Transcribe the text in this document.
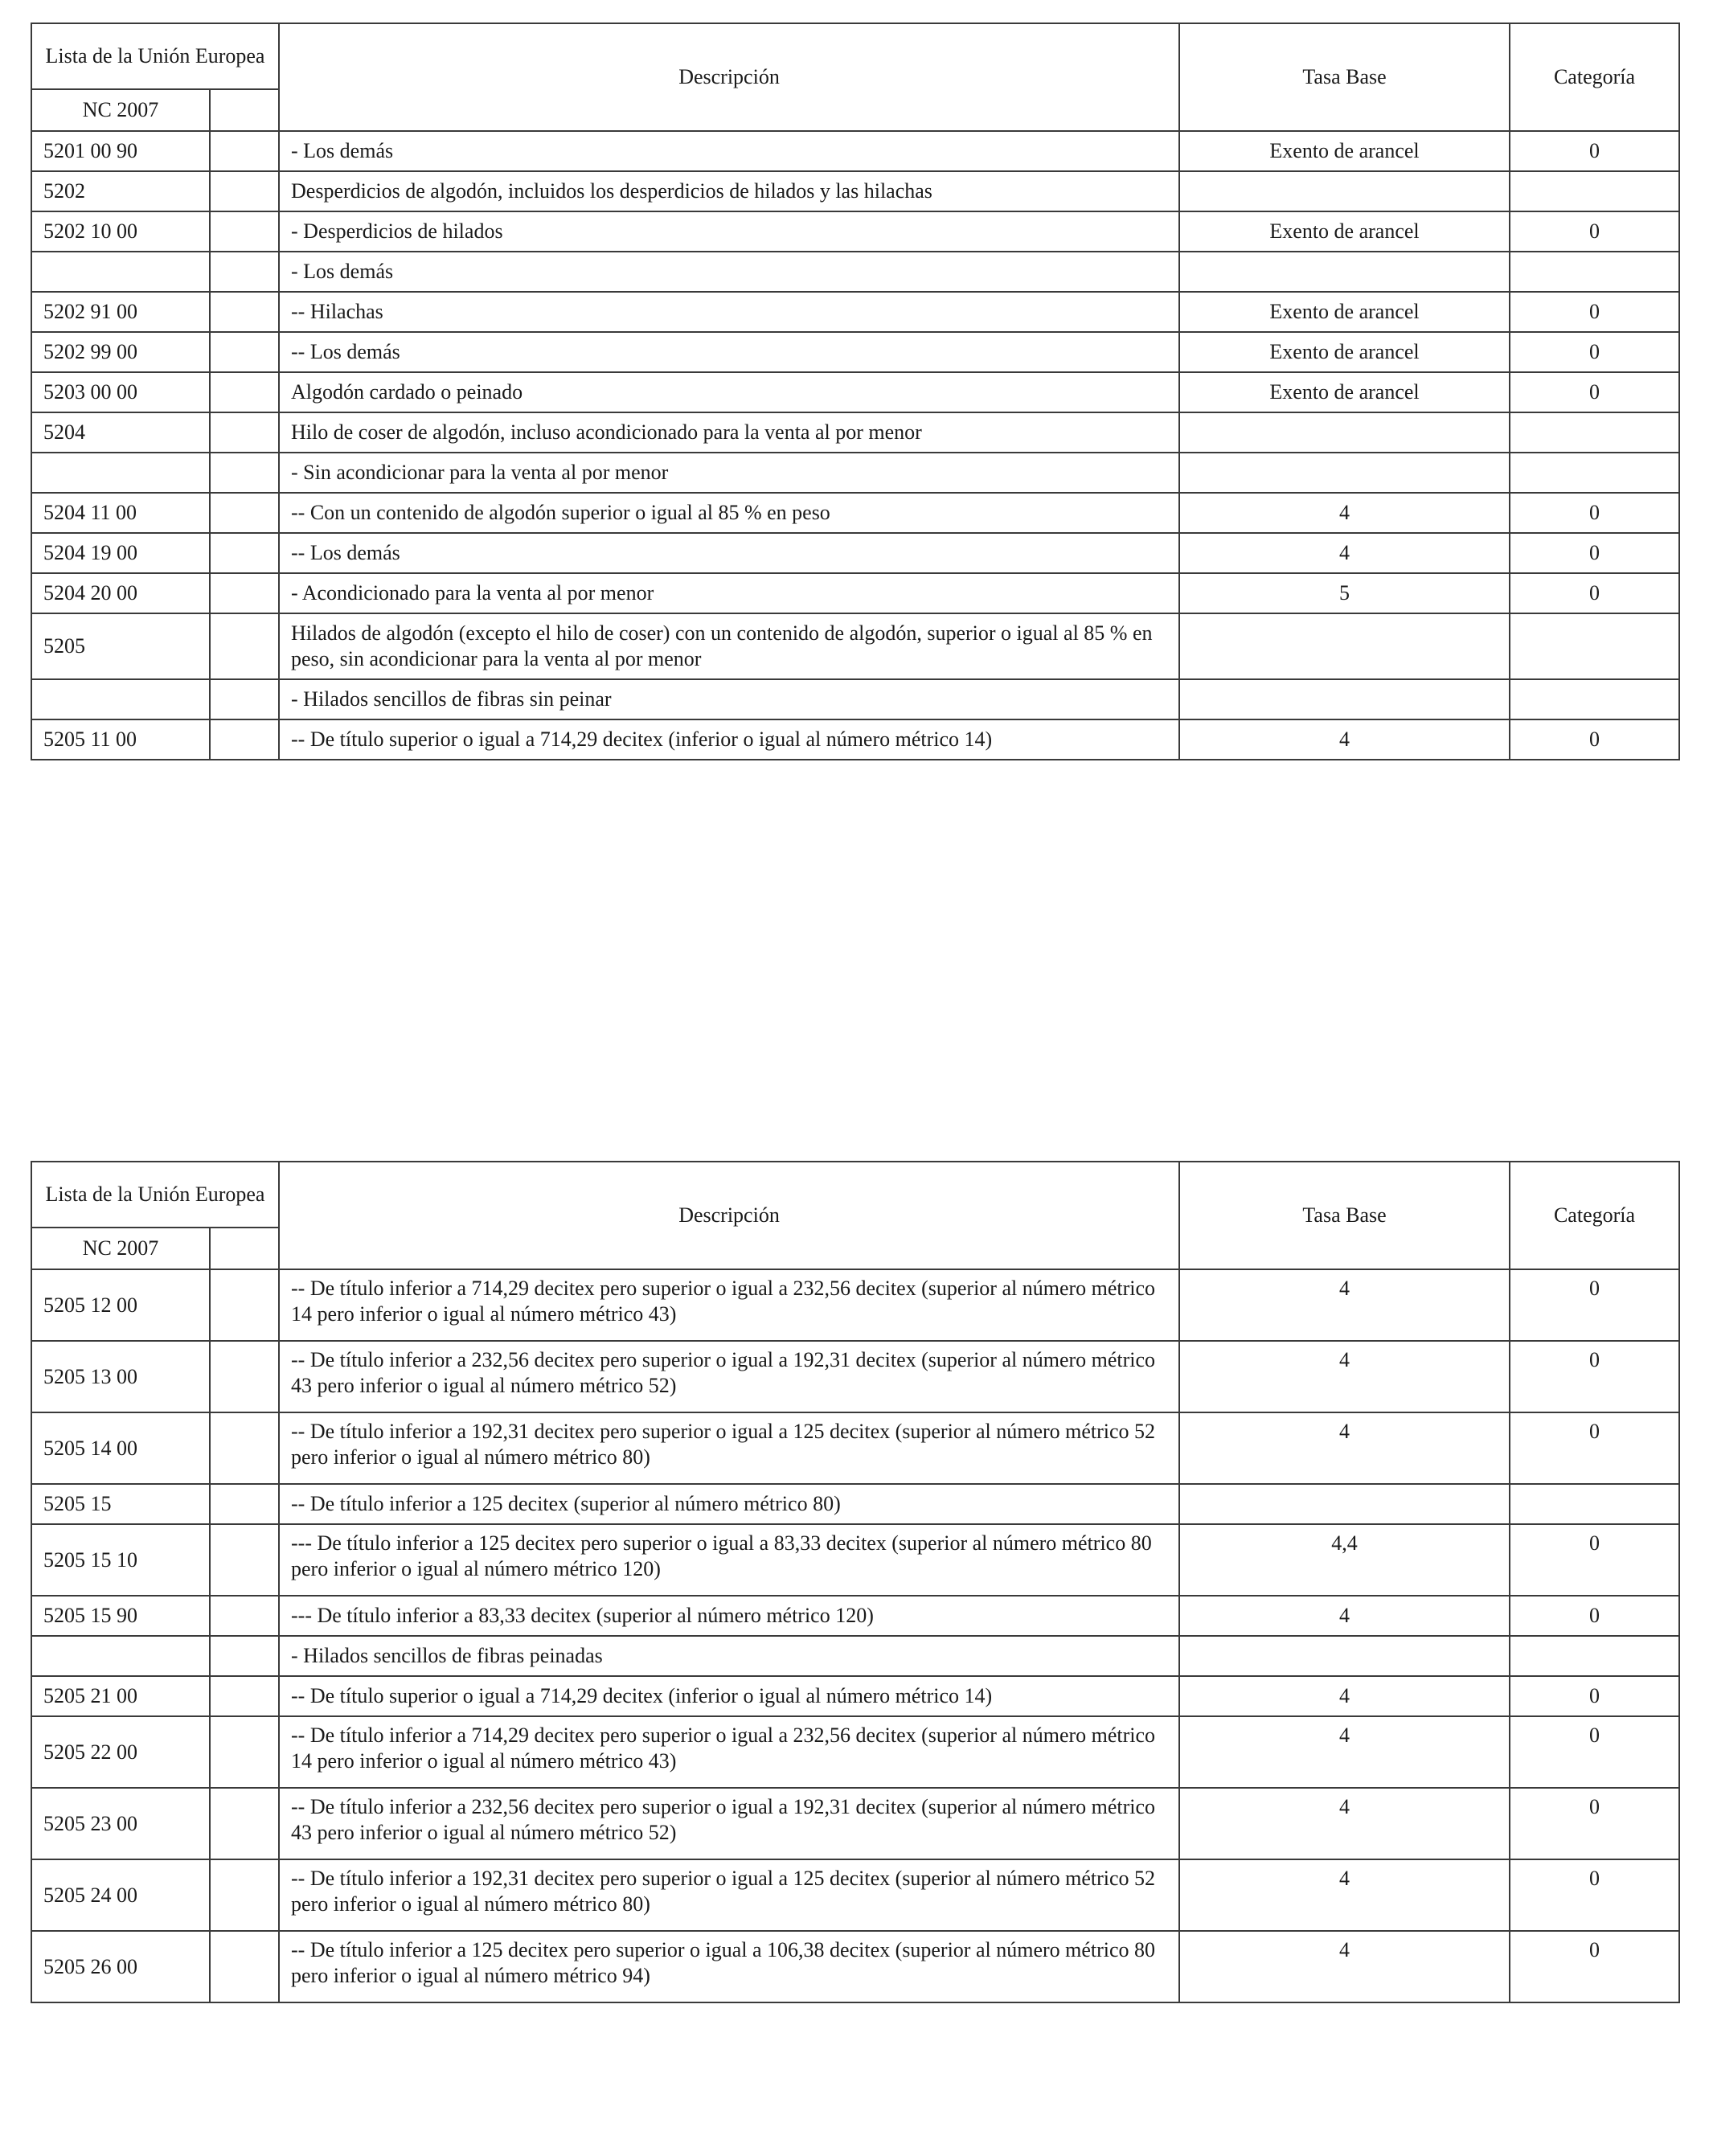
Lista de la Unión Europea		Descripción	Tasa Base	Categoría
NC 2007				
5201 00 90		- Los demás	Exento de arancel	0
5202		Desperdicios de algodón, incluidos los desperdicios de hilados y las hilachas		
5202 10 00		- Desperdicios de hilados	Exento de arancel	0
		- Los demás		
5202 91 00		-- Hilachas	Exento de arancel	0
5202 99 00		-- Los demás	Exento de arancel	0
5203 00 00		Algodón cardado o peinado	Exento de arancel	0
5204		Hilo de coser de algodón, incluso acondicionado para la venta al por menor		
		- Sin acondicionar para la venta al por menor		
5204 11 00		-- Con un contenido de algodón superior o igual al 85 % en peso	4	0
5204 19 00		-- Los demás	4	0
5204 20 00		- Acondicionado para la venta al por menor	5	0
5205		Hilados de algodón (excepto el hilo de coser) con un contenido de algodón, superior o igual al 85 % en peso, sin acondicionar para la venta al por menor		
		- Hilados sencillos de fibras sin peinar		
5205 11 00		-- De título superior o igual a 714,29 decitex (inferior o igual al número métrico 14)	4	0
Lista de la Unión Europea		Descripción	Tasa Base	Categoría
NC 2007				
5205 12 00		-- De título inferior a 714,29 decitex pero superior o igual a 232,56 decitex (superior al número métrico 14 pero inferior o igual al número métrico 43)	4	0
5205 13 00		-- De título inferior a 232,56 decitex pero superior o igual a 192,31 decitex (superior al número métrico 43 pero inferior o igual al número métrico 52)	4	0
5205 14 00		-- De título inferior a 192,31 decitex pero superior o igual a 125 decitex (superior al número métrico 52 pero inferior o igual al número métrico 80)	4	0
5205 15		-- De título inferior a 125 decitex (superior al número métrico 80)		
5205 15 10		--- De título inferior a 125 decitex pero superior o igual a 83,33 decitex (superior al número métrico 80 pero inferior o igual al número métrico 120)	4,4	0
5205 15 90		--- De título inferior a 83,33 decitex (superior al número métrico 120)	4	0
		- Hilados sencillos de fibras peinadas		
5205 21 00		-- De título superior o igual a 714,29 decitex (inferior o igual al número métrico 14)	4	0
5205 22 00		-- De título inferior a 714,29 decitex pero superior o igual a 232,56 decitex (superior al número métrico 14 pero inferior o igual al número métrico 43)	4	0
5205 23 00		-- De título inferior a 232,56 decitex pero superior o igual a 192,31 decitex (superior al número métrico 43 pero inferior o igual al número métrico 52)	4	0
5205 24 00		-- De título inferior a 192,31 decitex pero superior o igual a 125 decitex (superior al número métrico 52 pero inferior o igual al número métrico 80)	4	0
5205 26 00		-- De título inferior a 125 decitex pero superior o igual a 106,38 decitex (superior al número métrico 80 pero inferior o igual al número métrico 94)	4	0
